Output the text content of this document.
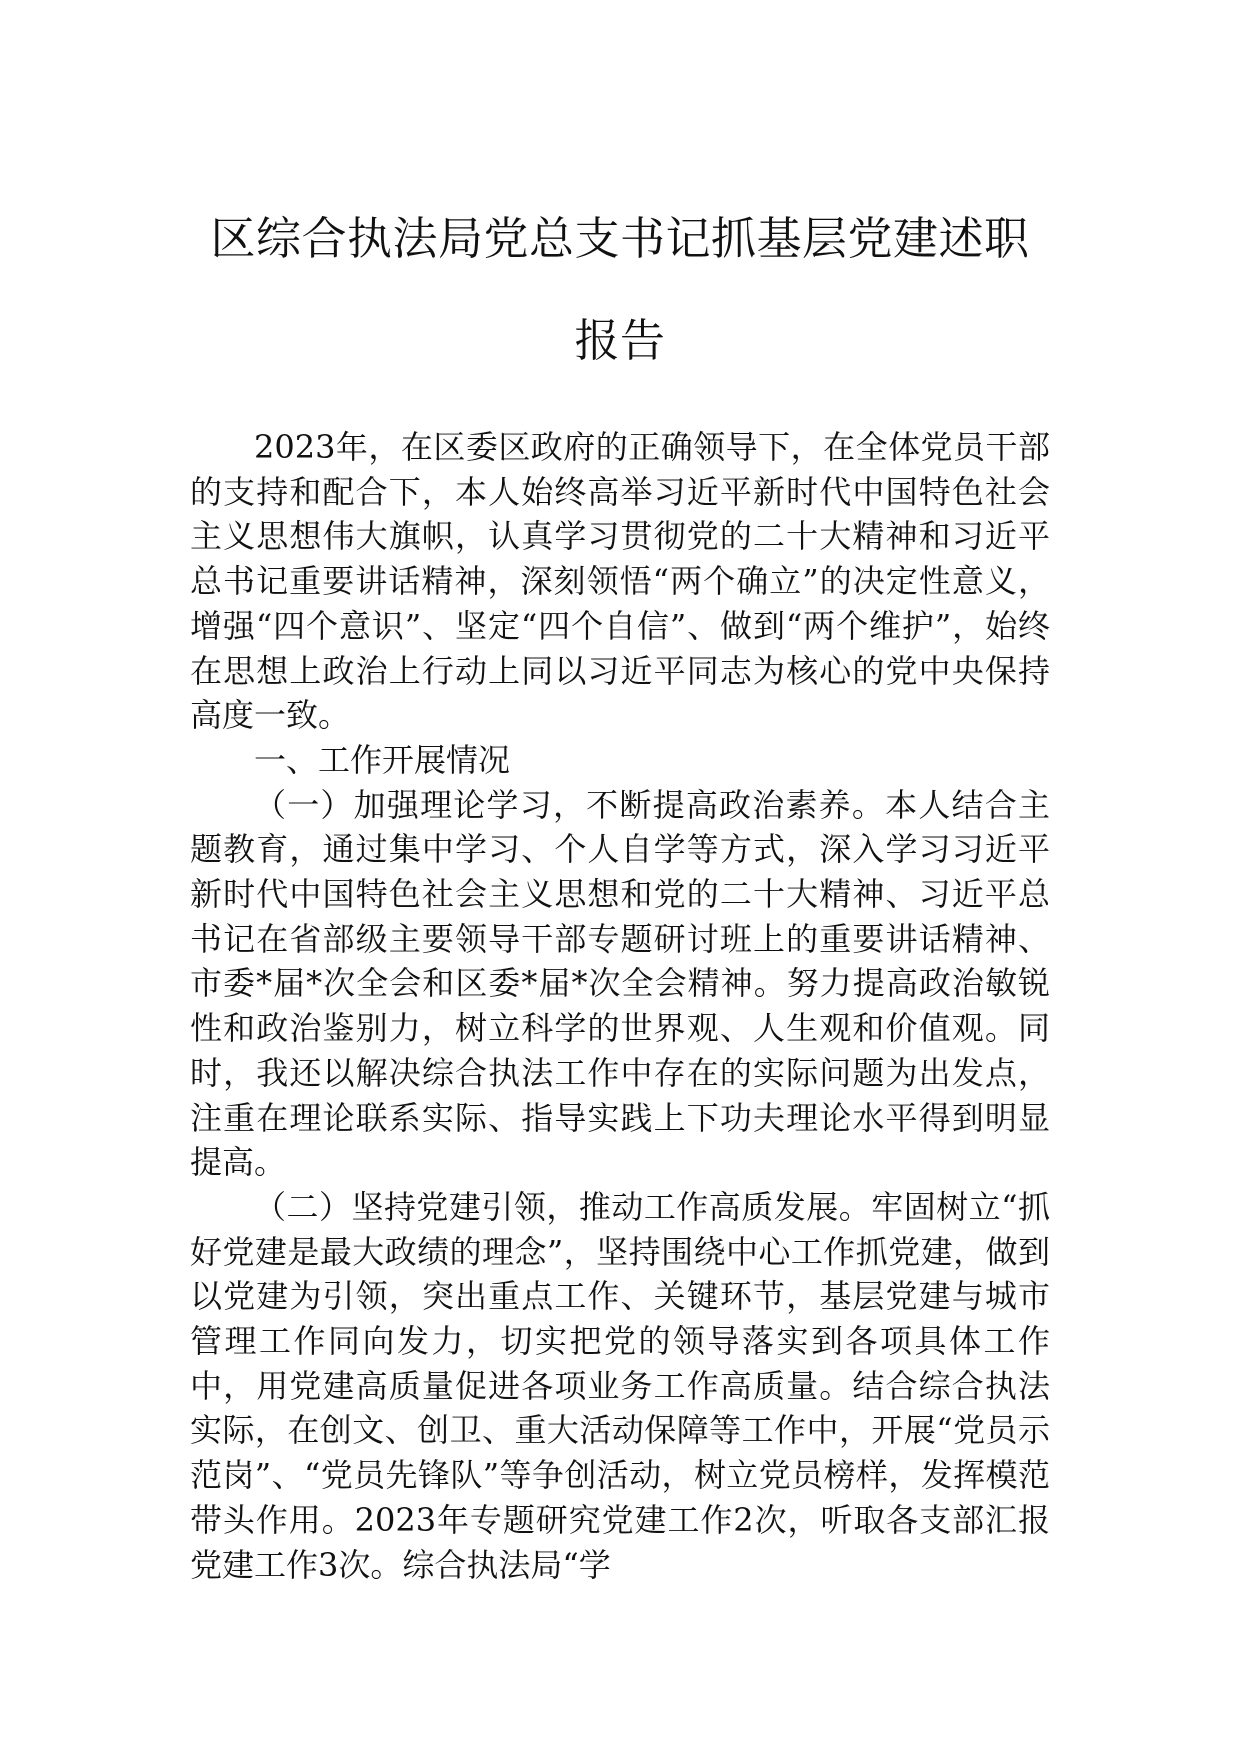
区综合执法局党总支书记抓基层党建述职
报告

2023年，在区委区政府的正确领导下，在全体党员干部的支持和配合下，本人始终高举习近平新时代中国特色社会主义思想伟大旗帜，认真学习贯彻党的二十大精神和习近平总书记重要讲话精神，深刻领悟“两个确立”的决定性意义，增强“四个意识”、坚定“四个自信”、做到“两个维护”，始终在思想上政治上行动上同以习近平同志为核心的党中央保持高度一致。

一、工作开展情况

（一）加强理论学习，不断提高政治素养。本人结合主题教育，通过集中学习、个人自学等方式，深入学习习近平新时代中国特色社会主义思想和党的二十大精神、习近平总书记在省部级主要领导干部专题研讨班上的重要讲话精神、市委*届*次全会和区委*届*次全会精神。努力提高政治敏锐性和政治鉴别力，树立科学的世界观、人生观和价值观。同时，我还以解决综合执法工作中存在的实际问题为出发点，注重在理论联系实际、指导实践上下功夫理论水平得到明显提高。

（二）坚持党建引领，推动工作高质发展。牢固树立“抓好党建是最大政绩的理念”，坚持围绕中心工作抓党建，做到以党建为引领，突出重点工作、关键环节，基层党建与城市管理工作同向发力，切实把党的领导落实到各项具体工作中，用党建高质量促进各项业务工作高质量。结合综合执法实际，在创文、创卫、重大活动保障等工作中，开展“党员示范岗”、“党员先锋队”等争创活动，树立党员榜样，发挥模范带头作用。2023年专题研究党建工作2次，听取各支部汇报党建工作3次。综合执法局“学
